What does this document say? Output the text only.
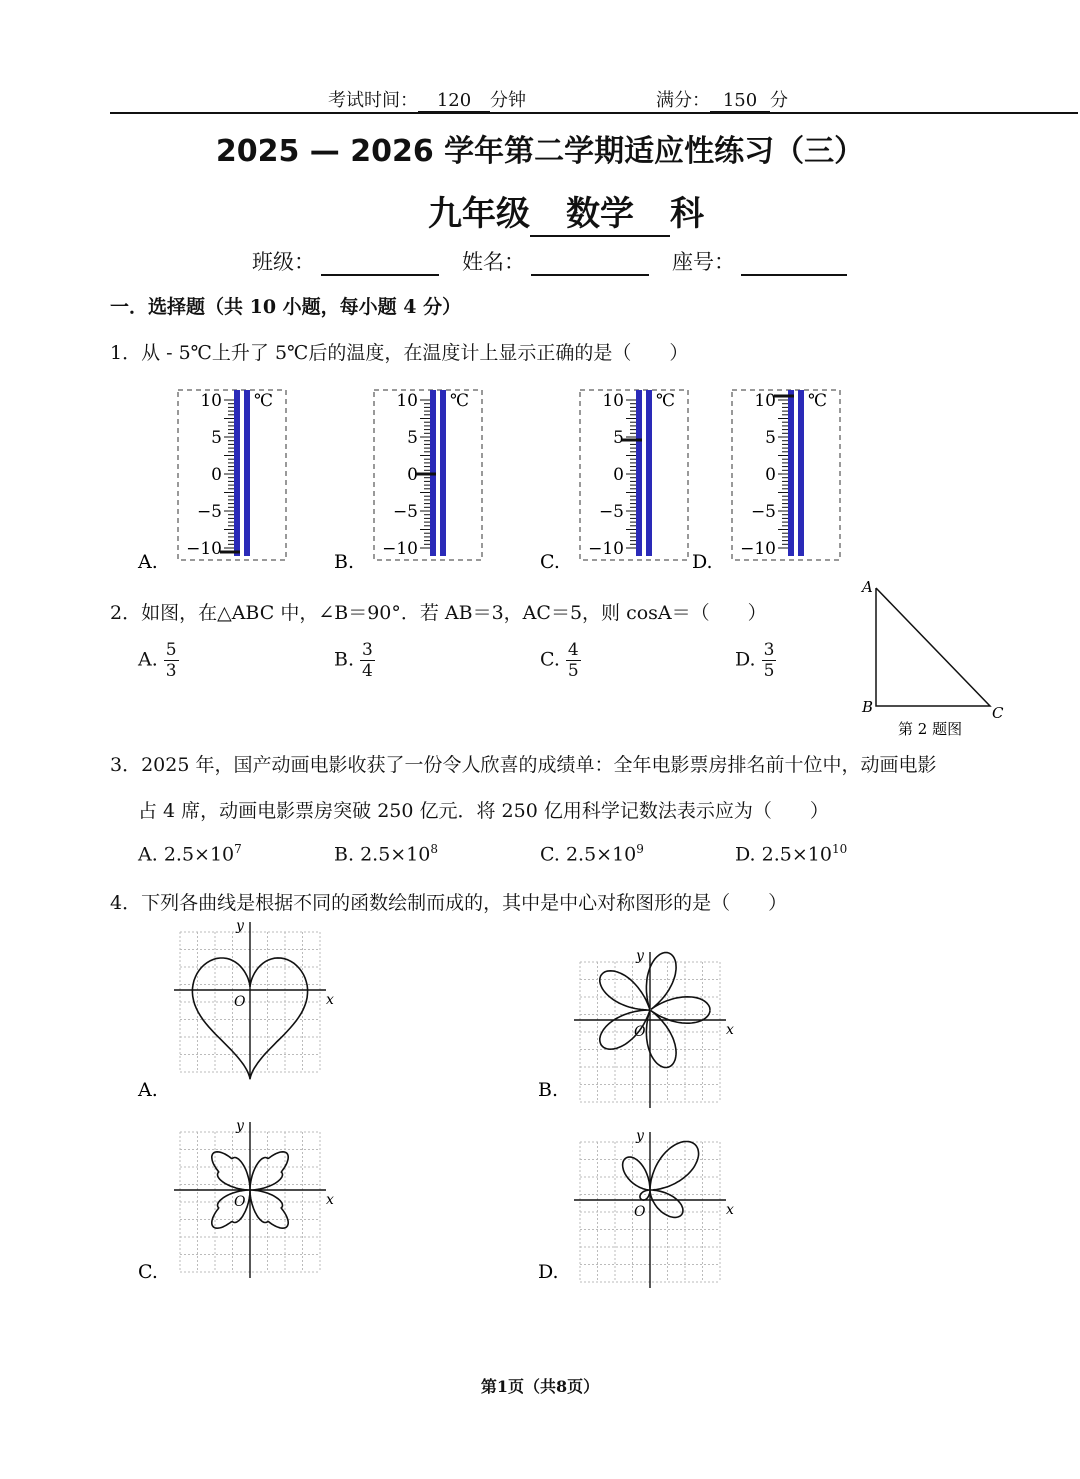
考试时间： 120 分钟	满分： 150 分
2025 — 2026 学年第二学期适应性练习（三）
九年级 数学 科
班级：	姓名：	座号：
一．选择题（共 10 小题，每小题 4 分）
1．从 - 5℃上升了 5℃后的温度，在温度计上显示正确的是（　　）
10
5
0
−5
−10
℃
A.
10
5
0
−5
−10
℃
B.
10
5
0
−5
−10
℃
C.
10
5
0
−5
−10
℃
D.
2．如图，在△ABC 中，∠B＝90°．若 AB＝3，AC＝5，则 cosA＝（　　）
A. $\frac{5}{3}$	B. $\frac{3}{4}$	C. $\frac{4}{5}$	D. $\frac{3}{5}$
A
B	C
第 2 题图
3．2025 年，国产动画电影收获了一份令人欣喜的成绩单：全年电影票房排名前十位中，动画电影
占 4 席，动画电影票房突破 250 亿元．将 250 亿用科学记数法表示应为（　　）
A. $2.5\times 10^7$	B. $2.5\times 10^8$	C. $2.5\times 10^9$	D. $2.5\times 10^{10}$
4．下列各曲线是根据不同的函数绘制而成的，其中是中心对称图形的是（　　）
x
y
O
A.
x
y
O
B.
x
y
O
C.
x
y
O
D.
第1页（共8页）
